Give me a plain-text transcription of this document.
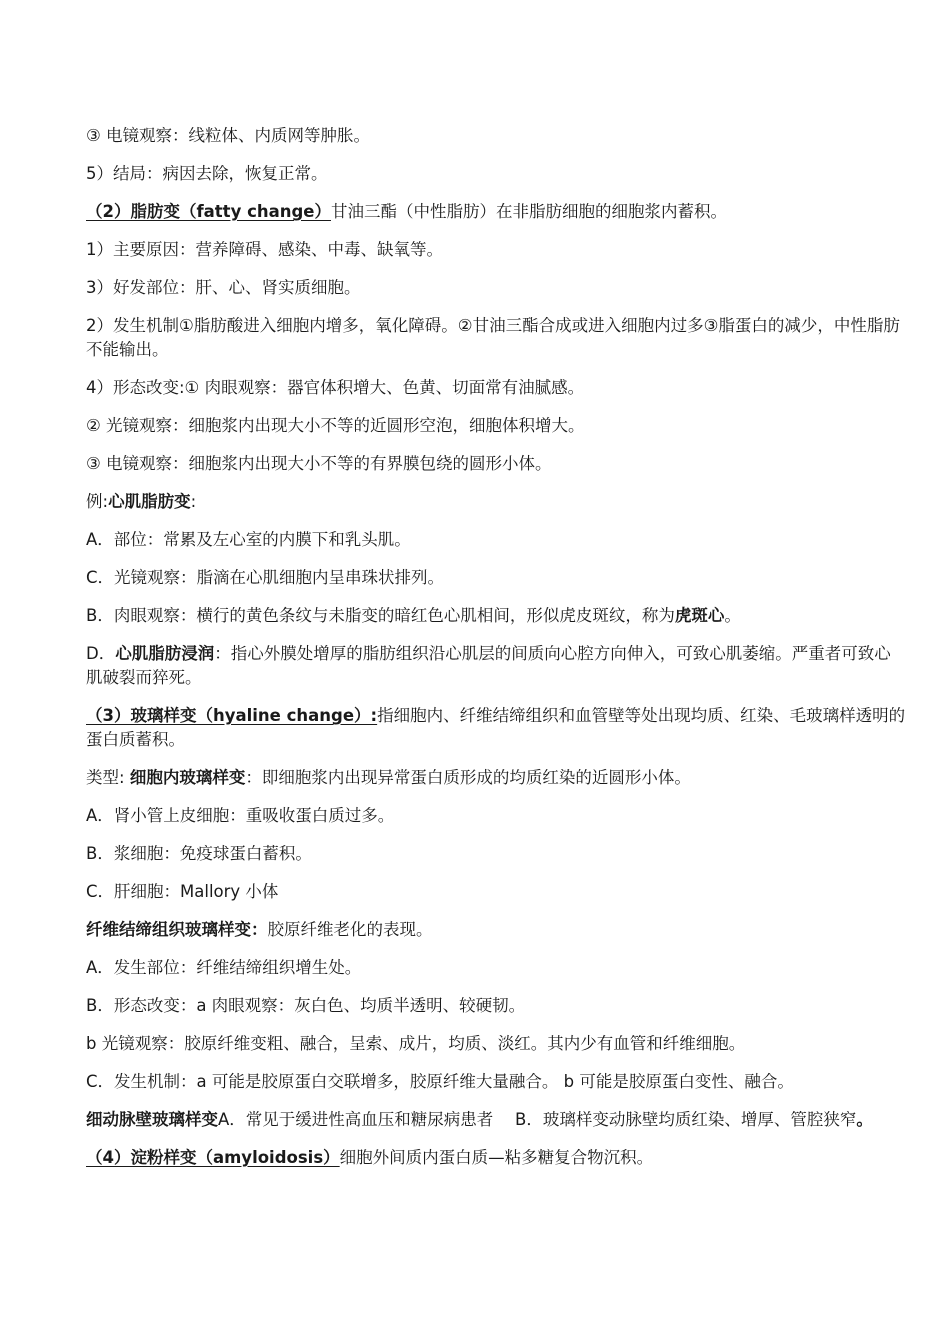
③ 电镜观察：线粒体、内质网等肿胀。

5）结局：病因去除，恢复正常。

（2）脂肪变（fatty change）甘油三酯（中性脂肪）在非脂肪细胞的细胞浆内蓄积。

1）主要原因：营养障碍、感染、中毒、缺氧等。

3）好发部位：肝、心、肾实质细胞。

2）发生机制①脂肪酸进入细胞内增多，氧化障碍。②甘油三酯合成或进入细胞内过多③脂蛋白的减少，中性脂肪不能输出。

4）形态改变:① 肉眼观察：器官体积增大、色黄、切面常有油腻感。

② 光镜观察：细胞浆内出现大小不等的近圆形空泡，细胞体积增大。

③ 电镜观察：细胞浆内出现大小不等的有界膜包绕的圆形小体。

例:心肌脂肪变:

A．部位：常累及左心室的内膜下和乳头肌。

C．光镜观察：脂滴在心肌细胞内呈串珠状排列。

B．肉眼观察：横行的黄色条纹与未脂变的暗红色心肌相间，形似虎皮斑纹，称为虎斑心。

D．心肌脂肪浸润：指心外膜处增厚的脂肪组织沿心肌层的间质向心腔方向伸入，可致心肌萎缩。严重者可致心肌破裂而猝死。

（3）玻璃样变（hyaline change）:指细胞内、纤维结缔组织和血管壁等处出现均质、红染、毛玻璃样透明的蛋白质蓄积。

类型: 细胞内玻璃样变：即细胞浆内出现异常蛋白质形成的均质红染的近圆形小体。

A．肾小管上皮细胞：重吸收蛋白质过多。

B．浆细胞：免疫球蛋白蓄积。

C．肝细胞：Mallory 小体

纤维结缔组织玻璃样变：胶原纤维老化的表现。

A．发生部位：纤维结缔组织增生处。

B．形态改变：a 肉眼观察：灰白色、均质半透明、较硬韧。

b 光镜观察：胶原纤维变粗、融合，呈索、成片，均质、淡红。其内少有血管和纤维细胞。

C．发生机制：a 可能是胶原蛋白交联增多，胶原纤维大量融合。 b 可能是胶原蛋白变性、融合。

细动脉壁玻璃样变A．常见于缓进性高血压和糖尿病患者　 B．玻璃样变动脉壁均质红染、增厚、管腔狭窄。

（4）淀粉样变（amyloidosis）细胞外间质内蛋白质—粘多糖复合物沉积。
